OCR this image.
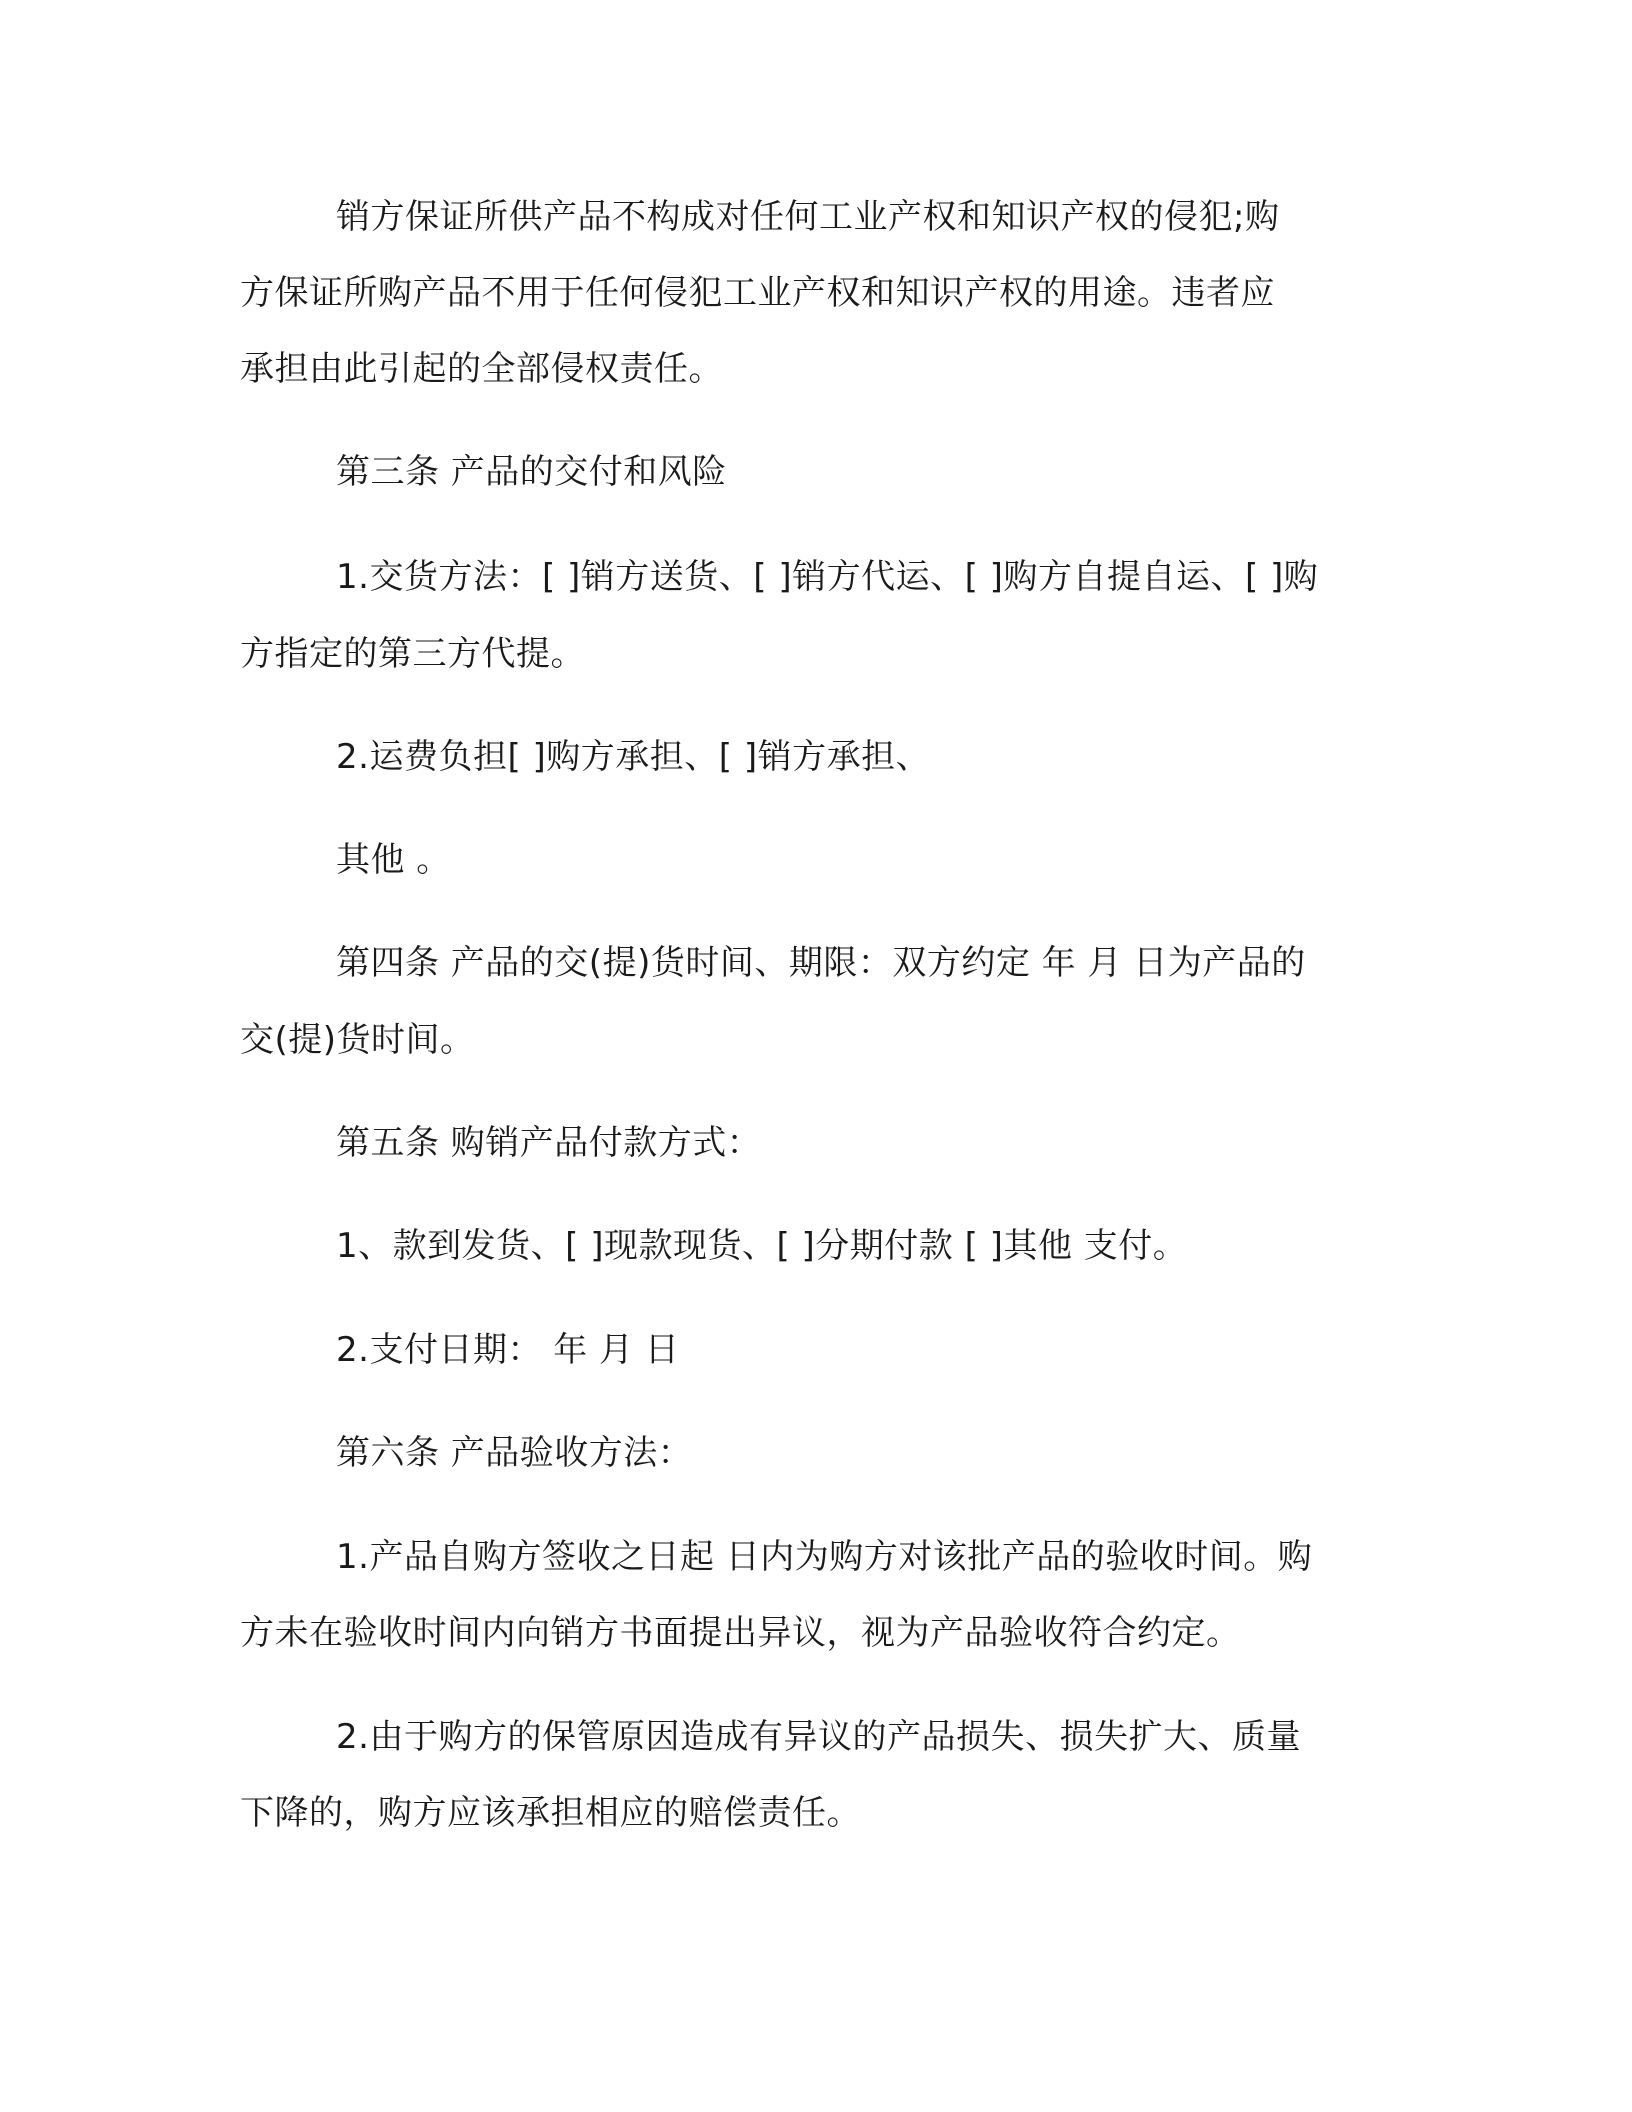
销方保证所供产品不构成对任何工业产权和知识产权的侵犯;购
方保证所购产品不用于任何侵犯工业产权和知识产权的用途。违者应
承担由此引起的全部侵权责任。
第三条 产品的交付和风险
1.交货方法：[ ]销方送货、[ ]销方代运、[ ]购方自提自运、[ ]购
方指定的第三方代提。
2.运费负担[ ]购方承担、[ ]销方承担、
其他 。
第四条 产品的交(提)货时间、期限：双方约定 年 月 日为产品的
交(提)货时间。
第五条 购销产品付款方式：
1、款到发货、[ ]现款现货、[ ]分期付款 [ ]其他 支付。
2.支付日期： 年 月 日
第六条 产品验收方法：
1.产品自购方签收之日起 日内为购方对该批产品的验收时间。购
方未在验收时间内向销方书面提出异议，视为产品验收符合约定。
2.由于购方的保管原因造成有异议的产品损失、损失扩大、质量
下降的，购方应该承担相应的赔偿责任。
